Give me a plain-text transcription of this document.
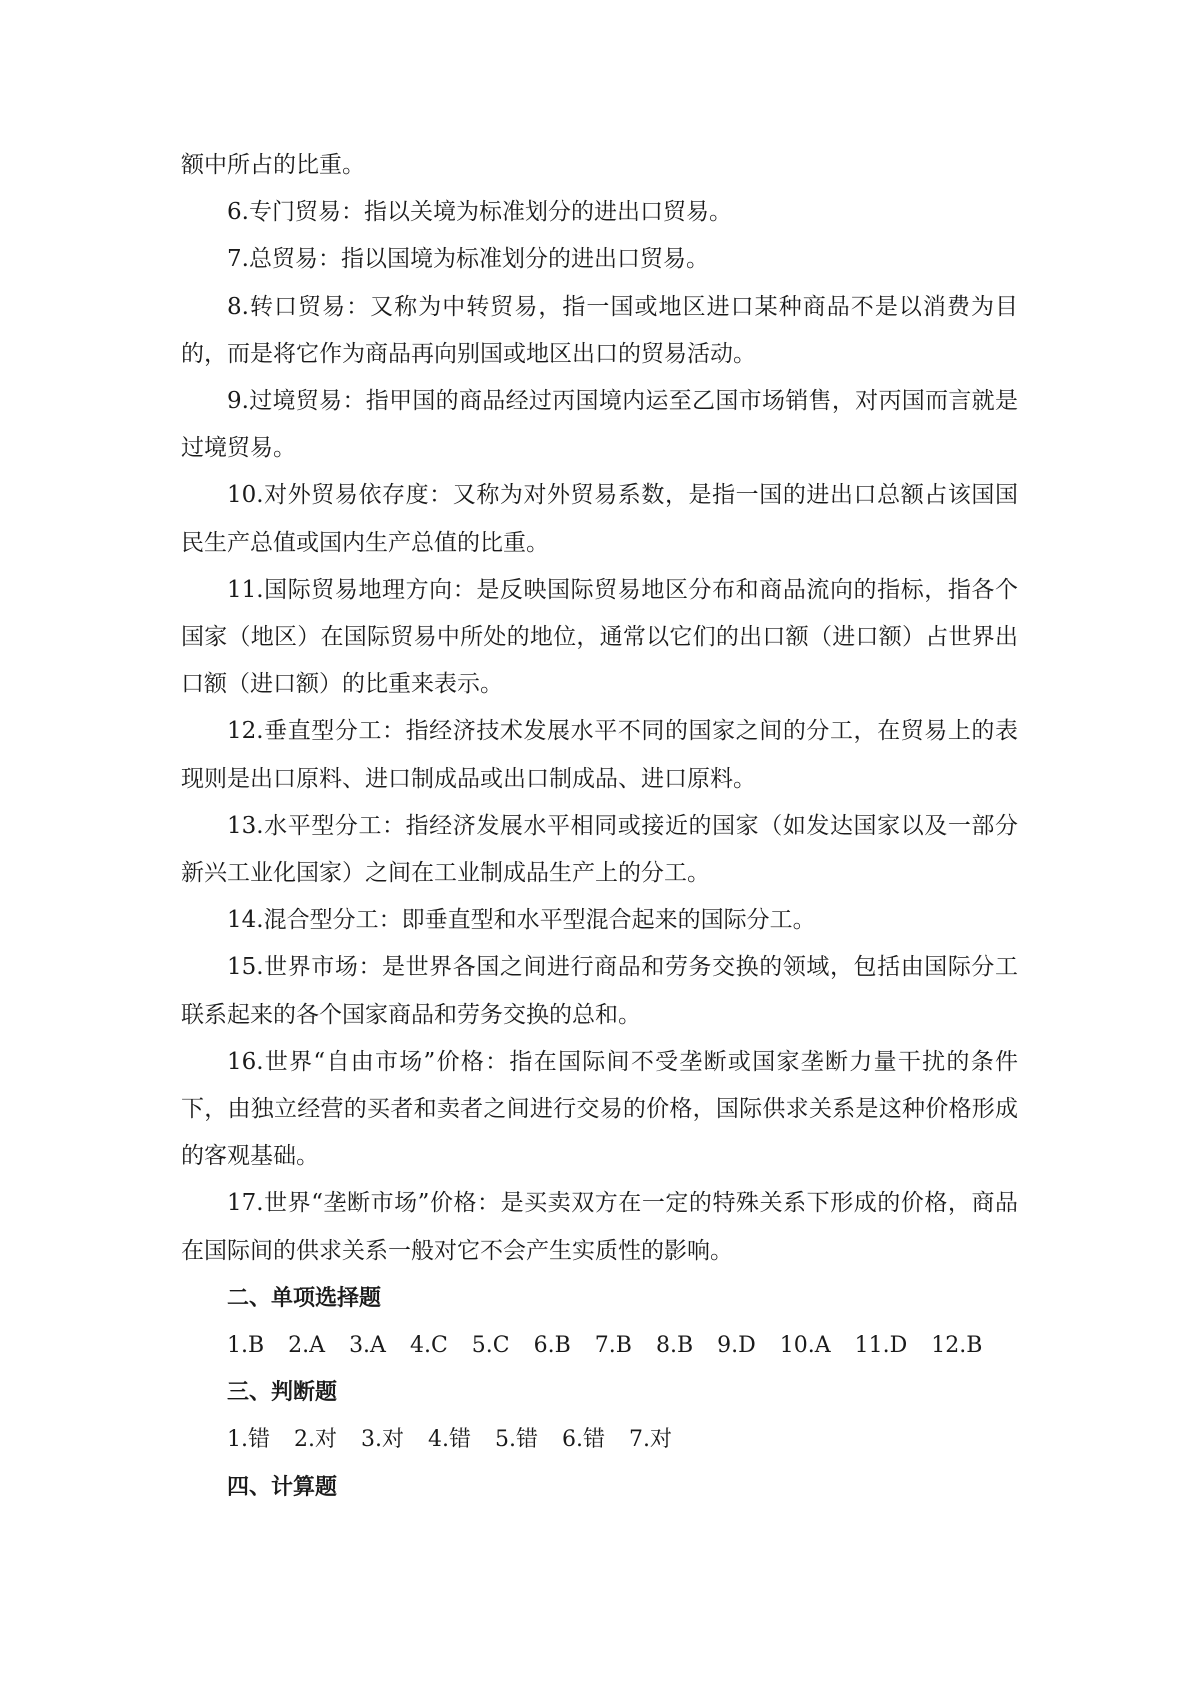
额中所占的比重。

6.专门贸易：指以关境为标准划分的进出口贸易。

7.总贸易：指以国境为标准划分的进出口贸易。

8.转口贸易：又称为中转贸易，指一国或地区进口某种商品不是以消费为目的，而是将它作为商品再向别国或地区出口的贸易活动。

9.过境贸易：指甲国的商品经过丙国境内运至乙国市场销售，对丙国而言就是过境贸易。

10.对外贸易依存度：又称为对外贸易系数，是指一国的进出口总额占该国国民生产总值或国内生产总值的比重。

11.国际贸易地理方向：是反映国际贸易地区分布和商品流向的指标，指各个国家（地区）在国际贸易中所处的地位，通常以它们的出口额（进口额）占世界出口额（进口额）的比重来表示。

12.垂直型分工：指经济技术发展水平不同的国家之间的分工，在贸易上的表现则是出口原料、进口制成品或出口制成品、进口原料。

13.水平型分工：指经济发展水平相同或接近的国家（如发达国家以及一部分新兴工业化国家）之间在工业制成品生产上的分工。

14.混合型分工：即垂直型和水平型混合起来的国际分工。

15.世界市场：是世界各国之间进行商品和劳务交换的领域，包括由国际分工联系起来的各个国家商品和劳务交换的总和。

16.世界“自由市场”价格：指在国际间不受垄断或国家垄断力量干扰的条件下，由独立经营的买者和卖者之间进行交易的价格，国际供求关系是这种价格形成的客观基础。

17.世界“垄断市场”价格：是买卖双方在一定的特殊关系下形成的价格，商品在国际间的供求关系一般对它不会产生实质性的影响。

二、单项选择题

1.B 2.A 3.A 4.C 5.C 6.B 7.B 8.B 9.D 10.A 11.D 12.B

三、判断题

1.错 2.对 3.对 4.错 5.错 6.错 7.对

四、计算题
